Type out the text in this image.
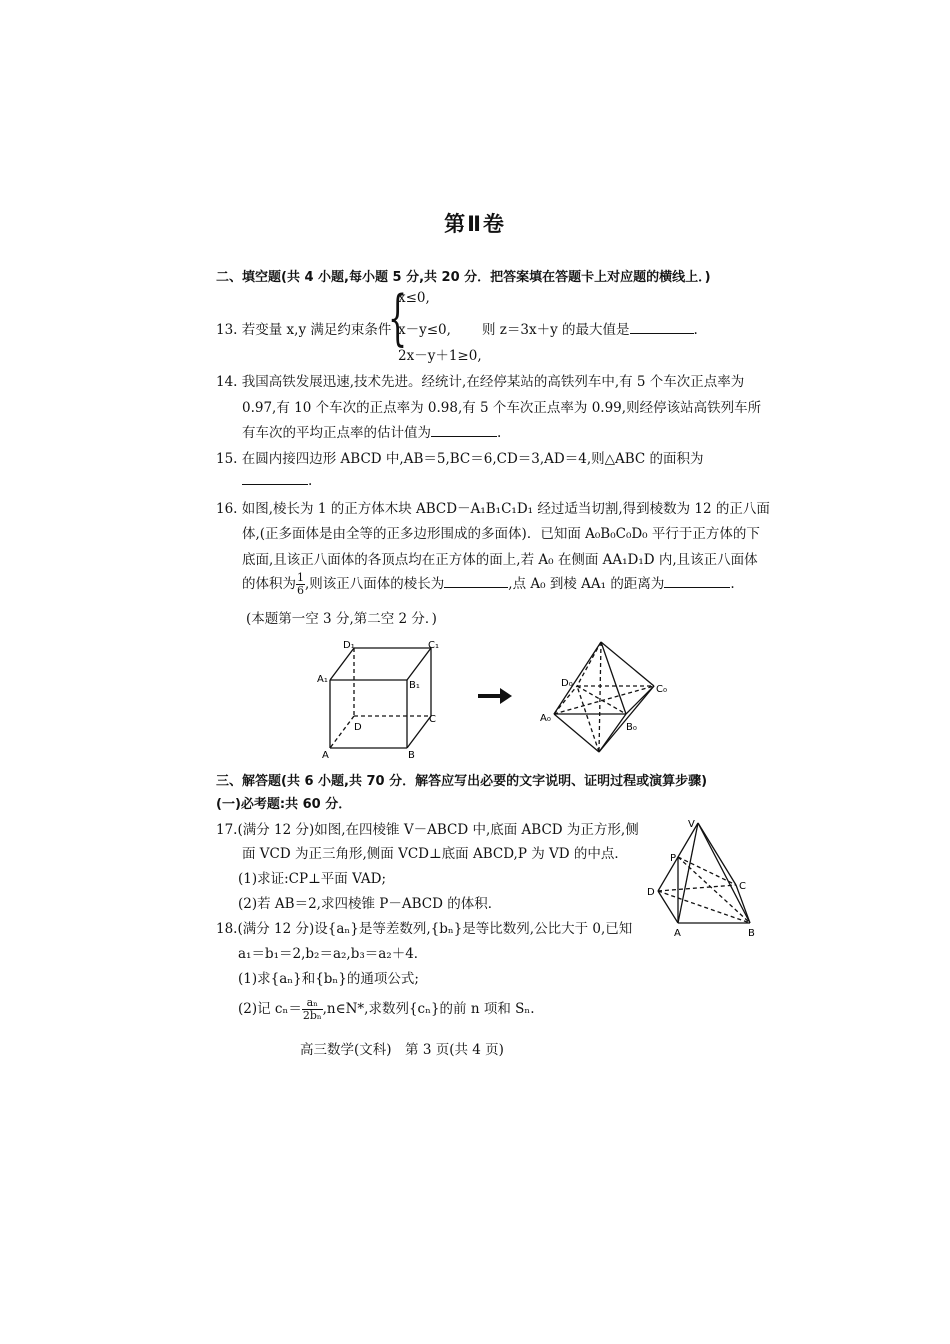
第Ⅱ卷
二、填空题(共 4 小题,每小题 5 分,共 20 分．把答案填在答题卡上对应题的横线上．)
13. 若变量 x,y 满足约束条件
{
x≤0,
x－y≤0,
2x－y＋1≥0,
则 z＝3x＋y 的最大值是	.
14. 我国高铁发展迅速,技术先进。经统计,在经停某站的高铁列车中,有 5 个车次正点率为
0.97,有 10 个车次的正点率为 0.98,有 5 个车次正点率为 0.99,则经停该站高铁列车所
有车次的平均正点率的估计值为	.
15. 在圆内接四边形 ABCD 中,AB＝5,BC＝6,CD＝3,AD＝4,则△ABC 的面积为
.
16. 如图,棱长为 1 的正方体木块 ABCD－A₁B₁C₁D₁ 经过适当切割,得到棱数为 12 的正八面
体,(正多面体是由全等的正多边形围成的多面体)．已知面 A₀B₀C₀D₀ 平行于正方体的下
底面,且该正八面体的各顶点均在正方体的面上,若 A₀ 在侧面 AA₁D₁D 内,且该正八面体
的体积为 $\frac{1}{6}$ ,则该正八面体的棱长为	,点 A₀ 到棱 AA₁ 的距离为	.
(本题第一空 3 分,第二空 2 分．)
D₁	C₁
A₁
B₁
D
C
A	B
D₀
C₀
A₀
B₀
三、解答题(共 6 小题,共 70 分．解答应写出必要的文字说明、证明过程或演算步骤)
(一)必考题:共 60 分．
17.(满分 12 分)如图,在四棱锥 V－ABCD 中,底面 ABCD 为正方形,侧
面 VCD 为正三角形,侧面 VCD⊥底面 ABCD,P 为 VD 的中点．
(1)求证:CP⊥平面 VAD;
(2)若 AB＝2,求四棱锥 P－ABCD 的体积．
V
P
D
C
A	B
18.(满分 12 分)设{aₙ}是等差数列,{bₙ}是等比数列,公比大于 0,已知
a₁＝b₁＝2,b₂＝a₂,b₃＝a₂＋4．
(1)求{aₙ}和{bₙ}的通项公式;
(2)记 $c_n= \frac{\text{aₙ}}{\text{2bₙ}}$ ,n∈N*,求数列{cₙ}的前 n 项和 Sₙ.
高三数学(文科)　第 3 页(共 4 页)
